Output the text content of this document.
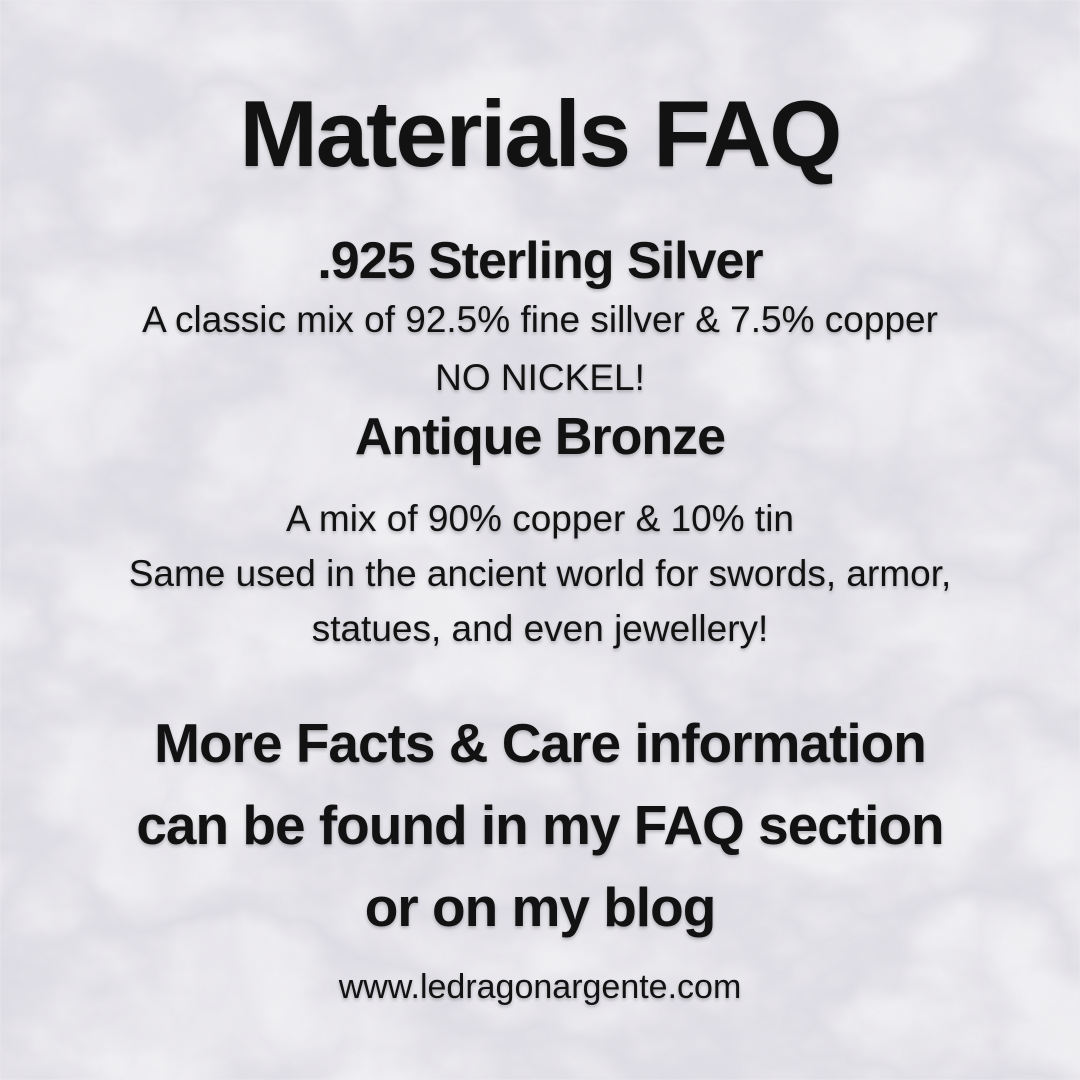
Materials FAQ
.925 Sterling Silver

A classic mix of 92.5% fine sillver & 7.5% copper

NO NICKEL!

Antique Bronze

A mix of 90% copper & 10% tin

Same used in the ancient world for swords, armor,

statues, and even jewellery!

More Facts & Care information

can be found in my FAQ section

or on my blog

www.ledragonargente.com
